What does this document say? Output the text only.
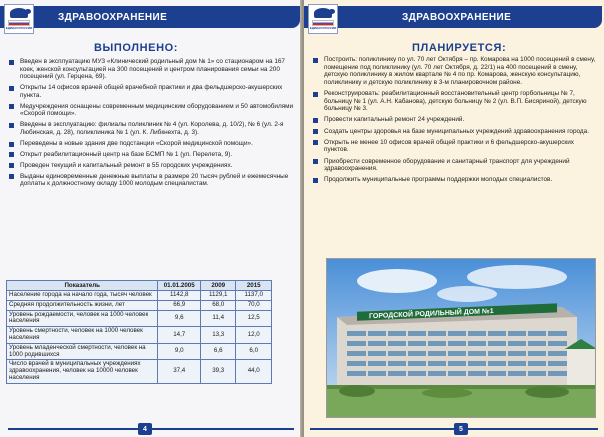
ЗДРАВООХРАНЕНИЕ
ЕДИНАЯ РОССИЯ
ВЫПОЛНЕНО:
Введен в эксплуатацию МУЗ «Клинический родильный дом № 1» со стационаром на 167 коек, женской консультацией на 300 посещений и центром планирования семьи на 200 посещений (ул. Герцена, 69).
Открыты 14 офисов врачей общей врачебной практики и два фельдшерско-акушерских пункта.
Медучреждения оснащены современным медицинским оборудованием и 50 автомобилями «Скорой помощи».
Введены в эксплуатацию: филиалы поликлиник № 4 (ул. Королева, д. 10/2), № 6 (ул. 2-я Любинская, д. 28), поликлиника № 1 (ул. К. Либкнехта, д. 3).
Переведены в новые здания две подстанции «Скорой медицинской помощи».
Открыт реабилитационный центр на базе БСМП № 1 (ул. Перелета, 9).
Проведен текущий и капитальный ремонт в 55 городских учреждениях.
Выданы единовременные денежные выплаты в размере 20 тысяч рублей и ежемесячные доплаты к должностному окладу 1000 молодым специалистам.
Показатель	01.01.2005	2009	2015
Население города на начало года, тысяч человек	1142,8	1129,1	1137,0
Средняя продолжительность жизни, лет	66,9	68,0	70,0
Уровень рождаемости, человек на 1000 человек населения	9,6	11,4	12,5
Уровень смертности, человек на 1000 человек населения	14,7	13,3	12,0
Уровень младенческой смертности, человек на 1000 родившихся	9,0	6,6	6,0
Число врачей в муниципальных учреждениях здравоохранения, человек на 10000 человек населения	37,4	39,3	44,0
4
ЗДРАВООХРАНЕНИЕ
ЕДИНАЯ РОССИЯ
ПЛАНИРУЕТСЯ:
Построить: поликлинику по ул. 70 лет Октября – пр. Комарова на 1000 посещений в смену, помещение под поликлинику (ул. 70 лет Октября, д. 22/1) на 400 посещений в смену, детскую поликлинику в жилом квартале № 4 по пр. Комарова, женскую консультацию, поликлинику и детскую поликлинику в 3-м планировочном районе.
Реконструировать: реабилитационный восстановительный центр горбольницы № 7, больницу № 1 (ул. А.Н. Кабанова), детскую больницу № 2 (ул. В.П. Бисяриной), детскую больницу № 3.
Провести капитальный ремонт 24 учреждений.
Создать центры здоровья на базе муниципальных учреждений здравоохранения города.
Открыть не менее 10 офисов врачей общей практики и 6 фельдшерско-акушерских пунктов.
Приобрести современное оборудование и санитарный транспорт для учреждений здравоохранения.
Продолжить муниципальные программы поддержки молодых специалистов.
ГОРОДСКОЙ РОДИЛЬНЫЙ ДОМ №1
5
